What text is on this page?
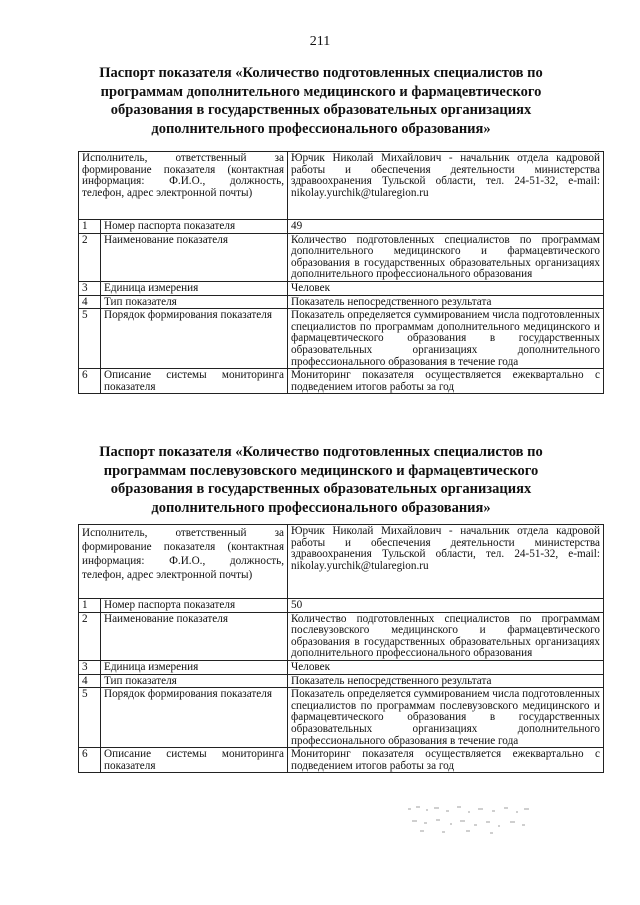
211
Паспорт показателя «Количество подготовленных специалистов по программам дополнительного медицинского и фармацевтического образования в государственных образовательных организациях дополнительного профессионального образования»
Исполнитель, ответственный за формирование показателя (контактная информация: Ф.И.О., должность, телефон, адрес электронной почты)		Юрчик Николай Михайлович - начальник отдела кадровой работы и обеспечения деятельности министерства здравоохранения Тульской области, тел. 24-51-32, e-mail: nikolay.yurchik@tularegion.ru
1	Номер паспорта показателя	49
2	Наименование показателя	Количество подготовленных специалистов по программам дополнительного медицинского и фармацевтического образования в государственных образовательных организациях дополнительного профессионального образования
3	Единица измерения	Человек
4	Тип показателя	Показатель непосредственного результата
5	Порядок формирования показателя	Показатель определяется суммированием числа подготовленных специалистов по программам дополнительного медицинского и фармацевтического образования в государственных образовательных организациях дополнительного профессионального образования в течение года
6	Описание системы мониторинга показателя	Мониторинг показателя осуществляется ежеквартально с подведением итогов работы за год
Паспорт показателя «Количество подготовленных специалистов по программам послевузовского медицинского и фармацевтического образования в государственных образовательных организациях дополнительного профессионального образования»
Исполнитель, ответственный за формирование показателя (контактная информация: Ф.И.О., должность, телефон, адрес электронной почты)		Юрчик Николай Михайлович - начальник отдела кадровой работы и обеспечения деятельности министерства здравоохранения Тульской области, тел. 24-51-32, e-mail: nikolay.yurchik@tularegion.ru
1	Номер паспорта показателя	50
2	Наименование показателя	Количество подготовленных специалистов по программам послевузовского медицинского и фармацевтического образования в государственных образовательных организациях дополнительного профессионального образования
3	Единица измерения	Человек
4	Тип показателя	Показатель непосредственного результата
5	Порядок формирования показателя	Показатель определяется суммированием числа подготовленных специалистов по программам послевузовского медицинского и фармацевтического образования в государственных образовательных организациях дополнительного профессионального образования в течение года
6	Описание системы мониторинга показателя	Мониторинг показателя осуществляется ежеквартально с подведением итогов работы за год
